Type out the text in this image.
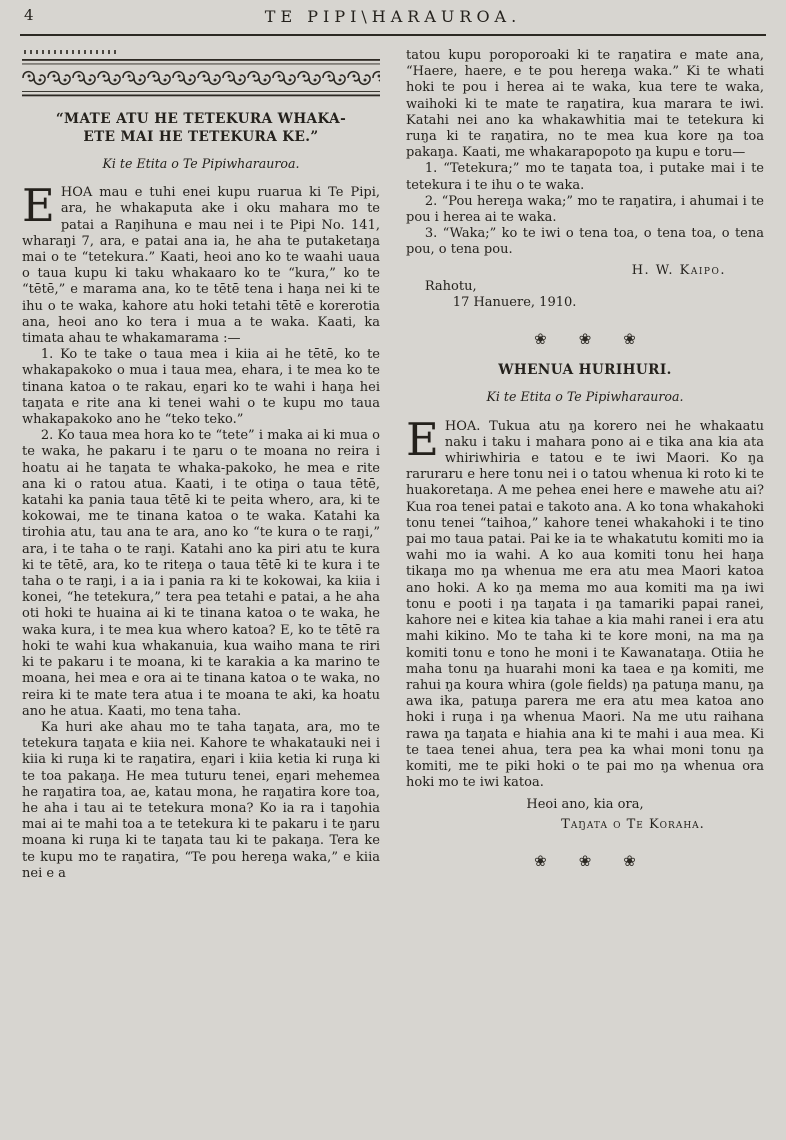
4	TE PIPI\HARAUROA.
“MATE ATU HE TETEKURA WHAKA-
ETE MAI HE TETEKURA KE.”
Ki te Etita o Te Pipiwharauroa.

E HOA mau e tuhi enei kupu ruarua ki Te Pipi, ara, he whakaputa ake i oku mahara mo te patai a Raŋihuna e mau nei i te Pipi No. 141, wharaŋi 7, ara, e patai ana ia, he aha te putaketaŋa mai o te “tetekura.” Kaati, heoi ano ko te waahi uaua o taua kupu ki taku whakaaro ko te “kura,” ko te “tētē,” e marama ana, ko te tētē tena i haŋa nei ki te ihu o te waka, kahore atu hoki tetahi tētē e korerotia ana, heoi ano ko tera i mua a te waka. Kaati, ka timata ahau te whakamarama :—

1. Ko te take o taua mea i kiia ai he tētē, ko te whakapakoko o mua i taua mea, ehara, i te mea ko te tinana katoa o te rakau, eŋari ko te wahi i haŋa hei taŋata e rite ana ki tenei wahi o te kupu mo taua whakapakoko ano he “teko teko.”

2. Ko taua mea hora ko te “tete” i maka ai ki mua o te waka, he pakaru i te ŋaru o te moana no reira i hoatu ai he taŋata te whaka-pakoko, he mea e rite ana ki o ratou atua. Kaati, i te otiŋa o taua tētē, katahi ka pania taua tētē ki te peita whero, ara, ki te kokowai, me te tinana katoa o te waka. Katahi ka tirohia atu, tau ana te ara, ano ko “te kura o te raŋi,” ara, i te taha o te raŋi. Katahi ano ka piri atu te kura ki te tētē, ara, ko te riteŋa o taua tētē ki te kura i te taha o te raŋi, i a ia i pania ra ki te kokowai, ka kiia i konei, “he tetekura,” tera pea tetahi e patai, a he aha oti hoki te huaina ai ki te tinana katoa o te waka, he waka kura, i te mea kua whero katoa? E, ko te tētē ra hoki te wahi kua whakanuia, kua waiho mana te riri ki te pakaru i te moana, ki te karakia a ka marino te moana, hei mea e ora ai te tinana katoa o te waka, no reira ki te mate tera atua i te moana te aki, ka hoatu ano he atua. Kaati, mo tena taha.

Ka huri ake ahau mo te taha taŋata, ara, mo te tetekura taŋata e kiia nei. Kahore te whakatauki nei i kiia ki ruŋa ki te raŋatira, eŋari i kiia ketia ki ruŋa ki te toa pakaŋa. He mea tuturu tenei, eŋari mehemea he raŋatira toa, ae, katau mona, he raŋatira kore toa, he aha i tau ai te tetekura mona? Ko ia ra i taŋohia mai ai te mahi toa a te tetekura ki te pakaru i te ŋaru moana ki ruŋa ki te taŋata tau ki te pakaŋa. Tera ke te kupu mo te raŋatira, “Te pou hereŋa waka,” e kiia nei e a

tatou kupu poroporoaki ki te raŋatira e mate ana, “Haere, haere, e te pou hereŋa waka.” Ki te whati hoki te pou i herea ai te waka, kua tere te waka, waihoki ki te mate te raŋatira, kua marara te iwi. Katahi nei ano ka whakawhitia mai te tetekura ki ruŋa ki te raŋatira, no te mea kua kore ŋa toa pakaŋa. Kaati, me whakarapopoto ŋa kupu e toru—

1. “Tetekura;” mo te taŋata toa, i putake mai i te tetekura i te ihu o te waka.

2. “Pou hereŋa waka;” mo te raŋatira, i ahumai i te pou i herea ai te waka.

3. “Waka;” ko te iwi o tena toa, o tena toa, o tena pou, o tena pou.

H. W. Kaipo.
Rahotu,
17 Hanuere, 1910.
❀ ❀ ❀
WHENUA HURIHURI.
Ki te Etita o Te Pipiwharauroa.

E HOA. Tukua atu ŋa korero nei he whakaatu naku i taku i mahara pono ai e tika ana kia ata whiriwhiria e tatou e te iwi Maori. Ko ŋa raruraru e here tonu nei i o tatou whenua ki roto ki te huakoretaŋa. A me pehea enei here e mawehe atu ai? Kua roa tenei patai e takoto ana. A ko tona whakahoki tonu tenei “taihoa,” kahore tenei whakahoki i te tino pai mo taua patai. Pai ke ia te whakatutu komiti mo ia wahi mo ia wahi. A ko aua komiti tonu hei haŋa tikaŋa mo ŋa whenua me era atu mea Maori katoa ano hoki. A ko ŋa mema mo aua komiti ma ŋa iwi tonu e pooti i ŋa taŋata i ŋa tamariki papai ranei, kahore nei e kitea kia tahae a kia mahi ranei i era atu mahi kikino. Mo te taha ki te kore moni, na ma ŋa komiti tonu e tono he moni i te Kawanataŋa. Otiia he maha tonu ŋa huarahi moni ka taea e ŋa komiti, me rahui ŋa koura whira (gole fields) ŋa patuŋa manu, ŋa awa ika, patuŋa parera me era atu mea katoa ano hoki i ruŋa i ŋa whenua Maori. Na me utu raihana rawa ŋa taŋata e hiahia ana ki te mahi i aua mea. Ki te taea tenei ahua, tera pea ka whai moni tonu ŋa komiti, me te piki hoki o te pai mo ŋa whenua ora hoki mo te iwi katoa.

Heoi ano, kia ora,
Taŋata o Te Koraha.
❀ ❀ ❀
